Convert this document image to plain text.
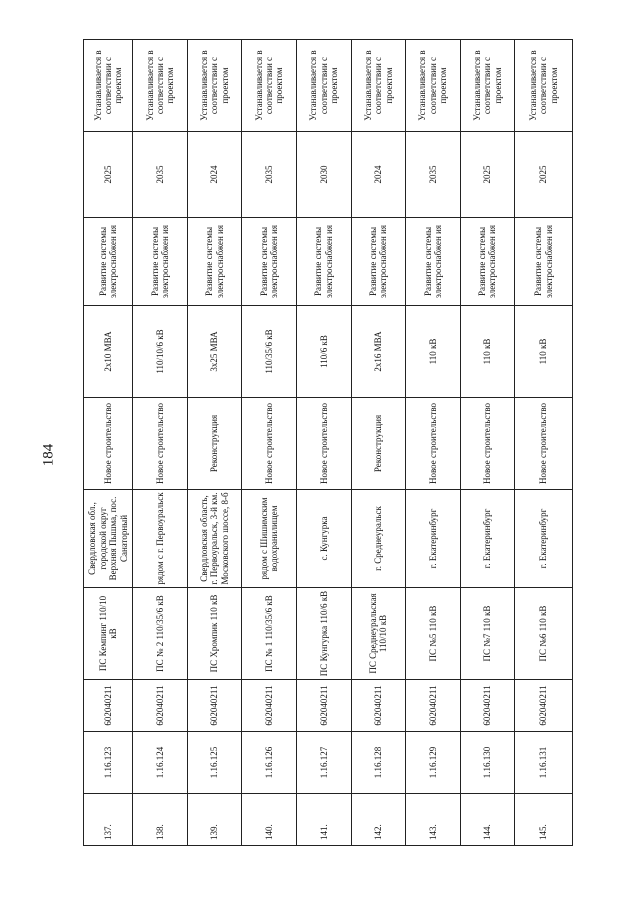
184
137.	1.16.123	602040211	ПС Кемпинг 110/10 кВ	Свердловская обл., городской округ Верхняя Пышма, пос. Санаторный	Новое строительство	2x10 МВА	Развитие системы электроснабжен ия	2025	Устанавливается в соответствии с проектом
138.	1.16.124	602040211	ПС № 2 110/35/6 кВ	рядом с г. Первоуральск	Новое строительство	110/10/6 кВ	Развитие системы электроснабжен ия	2035	Устанавливается в соответствии с проектом
139.	1.16.125	602040211	ПС Хромпик 110 кВ	Свердловская область, г. Первоуральск, 3-й км. Московского шоссе, 8-б	Реконструкция	3x25 МВА	Развитие системы электроснабжен ия	2024	Устанавливается в соответствии с проектом
140.	1.16.126	602040211	ПС № 1 110/35/6 кВ	рядом с Шишимским водохранилищем	Новое строительство	110/35/6 кВ	Развитие системы электроснабжен ия	2035	Устанавливается в соответствии с проектом
141.	1.16.127	602040211	ПС Кунгурка 110/6 кВ	с. Кунгурка	Новое строительство	110/6 кВ	Развитие системы электроснабжен ия	2030	Устанавливается в соответствии с проектом
142.	1.16.128	602040211	ПС Среднеуральская 110/10 кВ	г. Среднеуральск	Реконструкция	2x16 МВА	Развитие системы электроснабжен ия	2024	Устанавливается в соответствии с проектом
143.	1.16.129	602040211	ПС №5 110 кВ	г. Екатеринбург	Новое строительство	110 кВ	Развитие системы электроснабжен ия	2035	Устанавливается в соответствии с проектом
144.	1.16.130	602040211	ПС №7 110 кВ	г. Екатеринбург	Новое строительство	110 кВ	Развитие системы электроснабжен ия	2025	Устанавливается в соответствии с проектом
145.	1.16.131	602040211	ПС №6 110 кВ	г. Екатеринбург	Новое строительство	110 кВ	Развитие системы электроснабжен ия	2025	Устанавливается в соответствии с проектом
